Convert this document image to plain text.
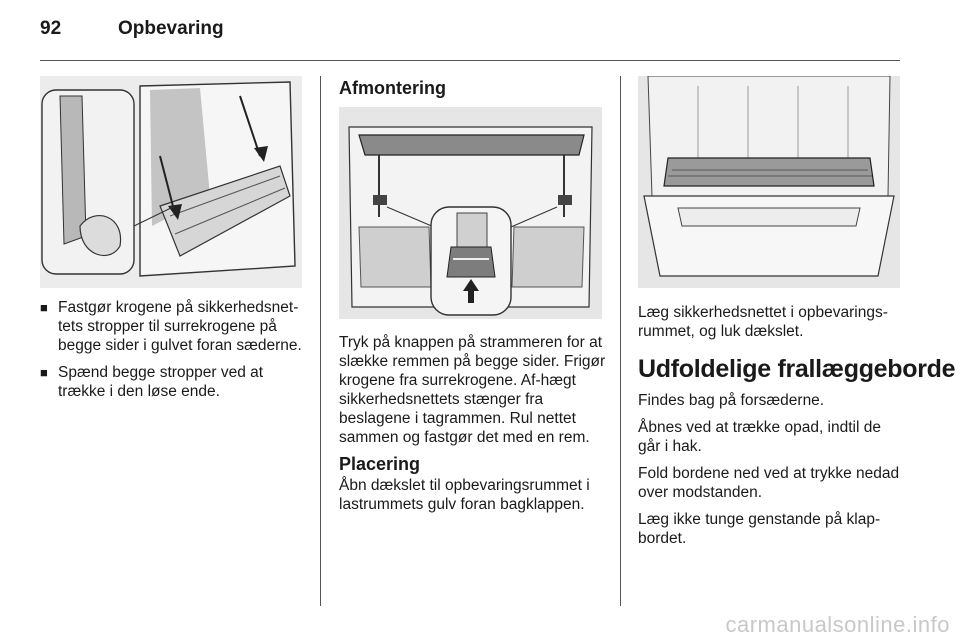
92	Opbevaring
■ Fastgør krogene på sikkerhedsnet-tets stropper til surrekrogene på begge sider i gulvet foran sæderne.
■ Spænd begge stropper ved at trække i den løse ende.
Afmontering

Tryk på knappen på strammeren for at slække remmen på begge sider. Frigør krogene fra surrekrogene. Af-hægt sikkerhedsnettets stænger fra beslagene i tagrammen. Rul nettet sammen og fastgør det med en rem.

Placering

Åbn dækslet til opbevaringsrummet i lastrummets gulv foran bagklappen.

Læg sikkerhedsnettet i opbevarings-rummet, og luk dækslet.

Udfoldelige frallæggeborde

Findes bag på forsæderne.

Åbnes ved at trække opad, indtil de går i hak.

Fold bordene ned ved at trykke nedad over modstanden.

Læg ikke tunge genstande på klap-bordet.

carmanualsonline.info
